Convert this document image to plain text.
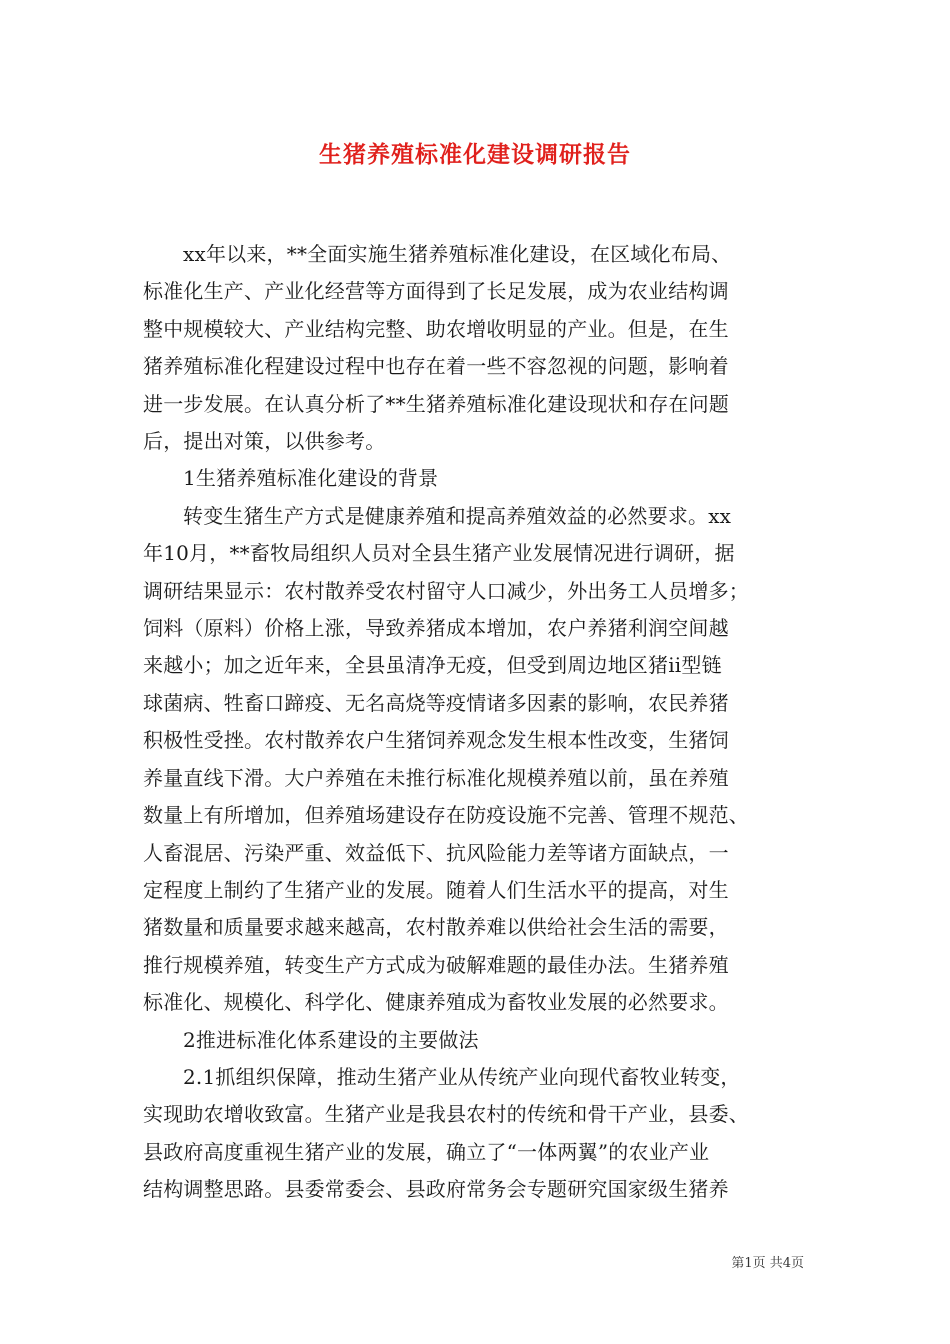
生猪养殖标准化建设调研报告

xx年以来，**全面实施生猪养殖标准化建设，在区域化布局、
标准化生产、产业化经营等方面得到了长足发展，成为农业结构调
整中规模较大、产业结构完整、助农增收明显的产业。但是，在生
猪养殖标准化程建设过程中也存在着一些不容忽视的问题，影响着
进一步发展。在认真分析了**生猪养殖标准化建设现状和存在问题
后，提出对策，以供参考。

1生猪养殖标准化建设的背景

转变生猪生产方式是健康养殖和提高养殖效益的必然要求。xx
年10月，**畜牧局组织人员对全县生猪产业发展情况进行调研，据
调研结果显示：农村散养受农村留守人口减少，外出务工人员增多；
饲料（原料）价格上涨，导致养猪成本增加，农户养猪利润空间越
来越小；加之近年来，全县虽清净无疫，但受到周边地区猪ii型链
球菌病、牲畜口蹄疫、无名高烧等疫情诸多因素的影响，农民养猪
积极性受挫。农村散养农户生猪饲养观念发生根本性改变，生猪饲
养量直线下滑。大户养殖在未推行标准化规模养殖以前，虽在养殖
数量上有所增加，但养殖场建设存在防疫设施不完善、管理不规范、
人畜混居、污染严重、效益低下、抗风险能力差等诸方面缺点，一
定程度上制约了生猪产业的发展。随着人们生活水平的提高，对生
猪数量和质量要求越来越高，农村散养难以供给社会生活的需要，
推行规模养殖，转变生产方式成为破解难题的最佳办法。生猪养殖
标准化、规模化、科学化、健康养殖成为畜牧业发展的必然要求。

2推进标准化体系建设的主要做法

2.1抓组织保障，推动生猪产业从传统产业向现代畜牧业转变，
实现助农增收致富。生猪产业是我县农村的传统和骨干产业，县委、
县政府高度重视生猪产业的发展，确立了“一体两翼”的农业产业
结构调整思路。县委常委会、县政府常务会专题研究国家级生猪养

第1页 共4页
